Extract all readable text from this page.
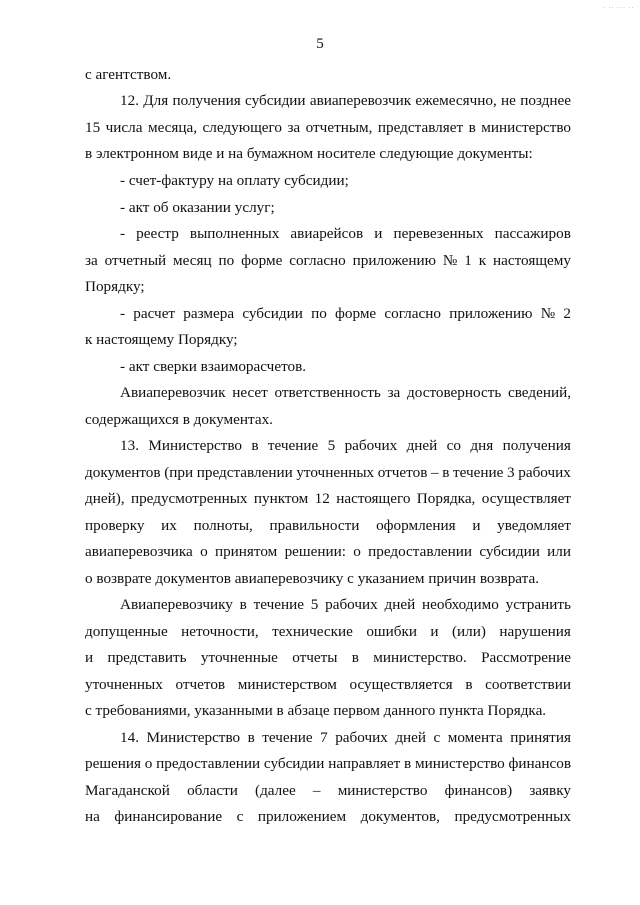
· ·· ··· ··
5
с агентством.
12. Для получения субсидии авиаперевозчик ежемесячно, не позднее
15 числа месяца, следующего за отчетным, представляет в министерство
в электронном виде и на бумажном носителе следующие документы:
- счет-фактуру на оплату субсидии;
- акт об оказании услуг;
- реестр выполненных авиарейсов и перевезенных пассажиров
за отчетный месяц по форме согласно приложению № 1 к настоящему
Порядку;
- расчет размера субсидии по форме согласно приложению № 2
к настоящему Порядку;
- акт сверки взаиморасчетов.
Авиаперевозчик несет ответственность за достоверность сведений,
содержащихся в документах.
13. Министерство в течение 5 рабочих дней со дня получения
документов (при представлении уточненных отчетов – в течение 3 рабочих
дней), предусмотренных пунктом 12 настоящего Порядка, осуществляет
проверку их полноты, правильности оформления и уведомляет
авиаперевозчика о принятом решении: о предоставлении субсидии или
о возврате документов авиаперевозчику с указанием причин возврата.
Авиаперевозчику в течение 5 рабочих дней необходимо устранить
допущенные неточности, технические ошибки и (или) нарушения
и представить уточненные отчеты в министерство. Рассмотрение
уточненных отчетов министерством осуществляется в соответствии
с требованиями, указанными в абзаце первом данного пункта Порядка.
14. Министерство в течение 7 рабочих дней с момента принятия
решения о предоставлении субсидии направляет в министерство финансов
Магаданской области (далее – министерство финансов) заявку
на финансирование с приложением документов, предусмотренных
